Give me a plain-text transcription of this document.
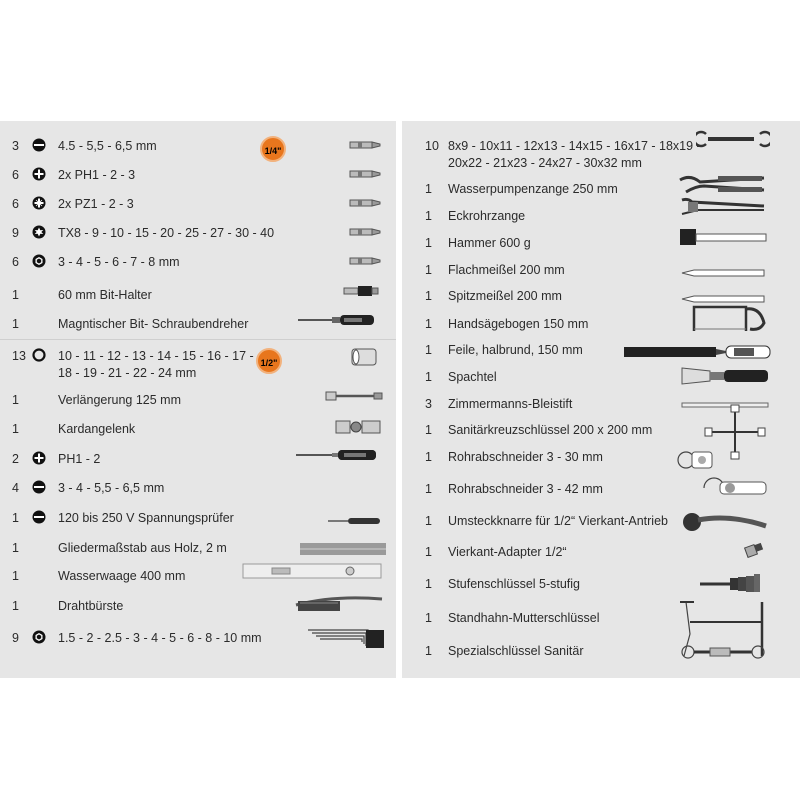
1/4"
1/2"
3	4.5 - 5,5 - 6,5 mm
6	2x PH1 - 2 - 3
6	2x PZ1 - 2 - 3
9	TX8 - 9 - 10 - 15 - 20 - 25 - 27 - 30 - 40
6	3 - 4 - 5 - 6 - 7 - 8 mm
1	60 mm Bit-Halter
1	Magntischer Bit- Schraubendreher
13	10 - 11 - 12 - 13 - 14 - 15 - 16 - 17 -
18 - 19 - 21 - 22 - 24 mm
1	Verlängerung 125 mm
1	Kardangelenk
2	PH1 - 2
4	3 - 4 - 5,5 - 6,5 mm
1	120 bis 250 V Spannungsprüfer
1	Gliedermaßstab aus Holz, 2 m
1	Wasserwaage 400 mm
1	Drahtbürste
9	1.5 - 2 - 2.5 - 3 - 4 - 5 - 6 - 8 - 10 mm
10 8x9 - 10x11 - 12x13 - 14x15 - 16x17 - 18x19 -
20x22 - 21x23 - 24x27 - 30x32 mm
1 Wasserpumpenzange 250 mm
1 Eckrohrzange
1 Hammer 600 g
1 Flachmeißel 200 mm
1 Spitzmeißel 200 mm
1 Handsägebogen 150 mm
1 Feile, halbrund, 150 mm
1 Spachtel
3 Zimmermanns-Bleistift
1 Sanitärkreuzschlüssel 200 x 200 mm
1 Rohrabschneider 3 - 30 mm
1 Rohrabschneider 3 - 42 mm
1 Umsteckknarre für 1/2“ Vierkant-Antrieb
1 Vierkant-Adapter 1/2“
1 Stufenschlüssel 5-stufig
1 Standhahn-Mutterschlüssel
1 Spezialschlüssel Sanitär
